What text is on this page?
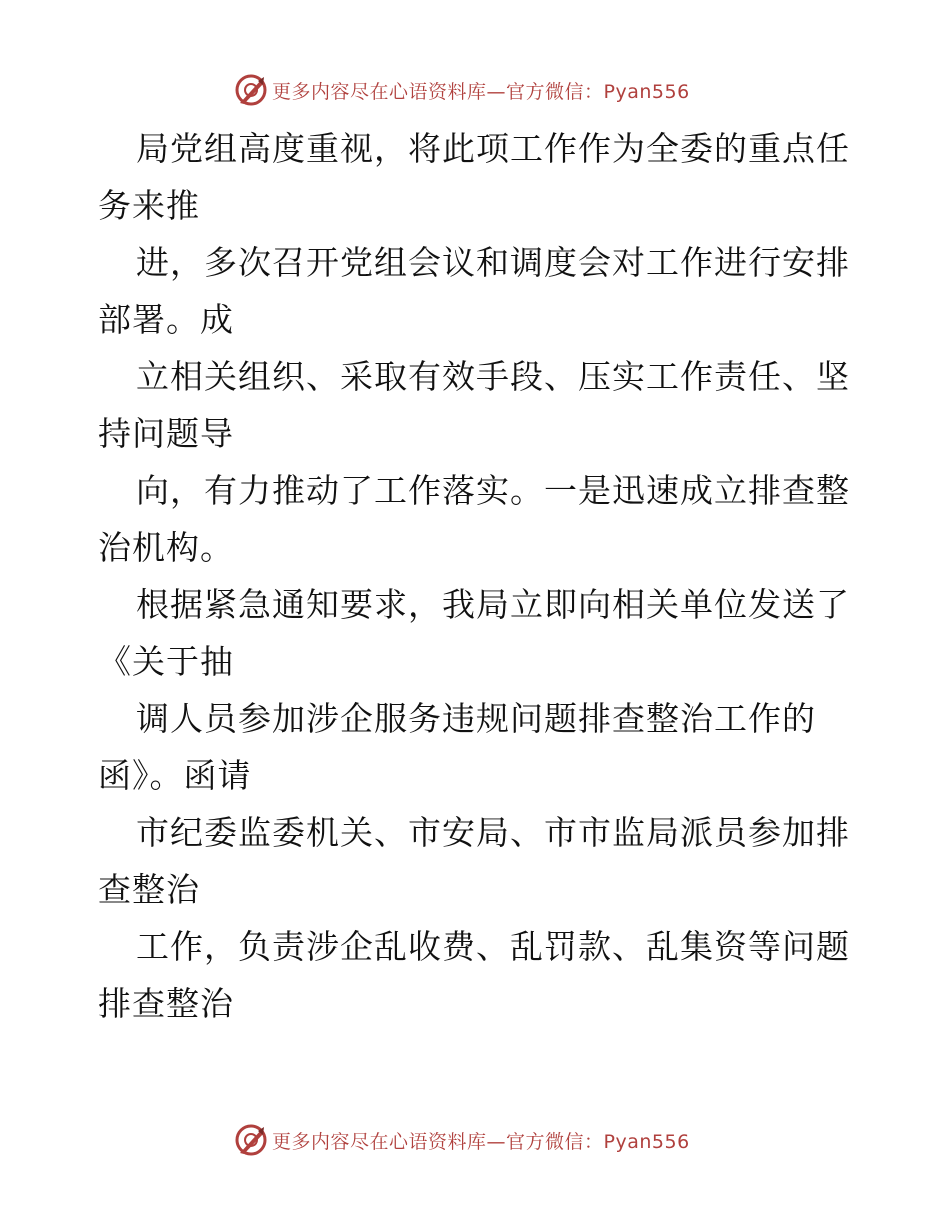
更多内容尽在心语资料库—官方微信：Pyan556
局党组高度重视，将此项工作作为全委的重点任
务来推
进，多次召开党组会议和调度会对工作进行安排
部署。成
立相关组织、采取有效手段、压实工作责任、坚
持问题导
向，有力推动了工作落实。一是迅速成立排查整
治机构。
根据紧急通知要求，我局立即向相关单位发送了
《关于抽
调人员参加涉企服务违规问题排查整治工作的
函》。函请
市纪委监委机关、市安局、市市监局派员参加排
查整治
工作，负责涉企乱收费、乱罚款、乱集资等问题
排查整治
更多内容尽在心语资料库—官方微信：Pyan556
